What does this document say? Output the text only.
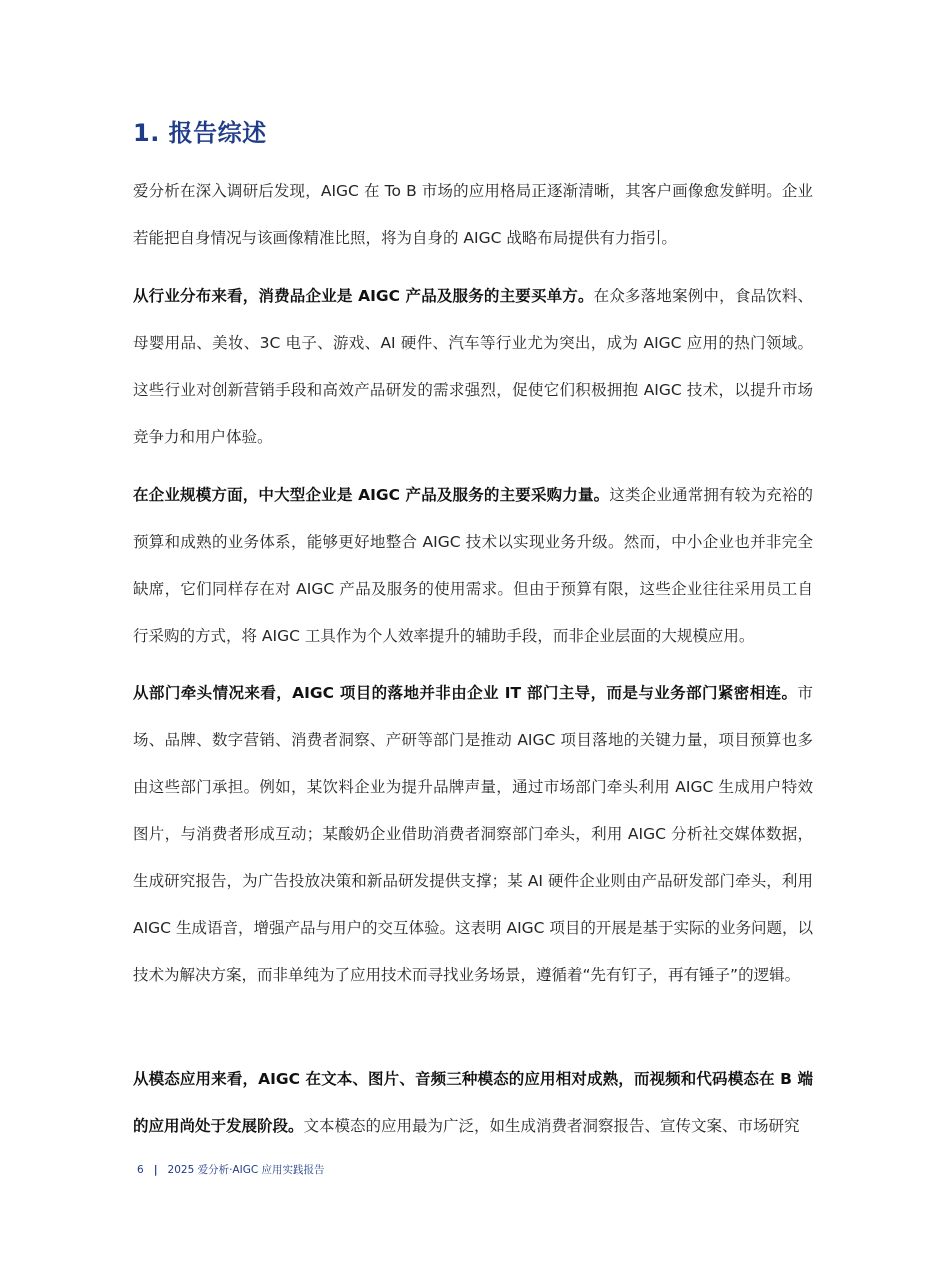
1. 报告综述

爱分析在深入调研后发现，AIGC 在 To B 市场的应用格局正逐渐清晰，其客户画像愈发鲜明。企业若能把自身情况与该画像精准比照，将为自身的 AIGC 战略布局提供有力指引。

从行业分布来看，消费品企业是 AIGC 产品及服务的主要买单方。在众多落地案例中，食品饮料、母婴用品、美妆、3C 电子、游戏、AI 硬件、汽车等行业尤为突出，成为 AIGC 应用的热门领域。这些行业对创新营销手段和高效产品研发的需求强烈，促使它们积极拥抱 AIGC 技术，以提升市场竞争力和用户体验。

在企业规模方面，中大型企业是 AIGC 产品及服务的主要采购力量。这类企业通常拥有较为充裕的预算和成熟的业务体系，能够更好地整合 AIGC 技术以实现业务升级。然而，中小企业也并非完全缺席，它们同样存在对 AIGC 产品及服务的使用需求。但由于预算有限，这些企业往往采用员工自行采购的方式，将 AIGC 工具作为个人效率提升的辅助手段，而非企业层面的大规模应用。

从部门牵头情况来看，AIGC 项目的落地并非由企业 IT 部门主导，而是与业务部门紧密相连。市场、品牌、数字营销、消费者洞察、产研等部门是推动 AIGC 项目落地的关键力量，项目预算也多由这些部门承担。例如，某饮料企业为提升品牌声量，通过市场部门牵头利用 AIGC 生成用户特效图片，与消费者形成互动；某酸奶企业借助消费者洞察部门牵头，利用 AIGC 分析社交媒体数据，生成研究报告，为广告投放决策和新品研发提供支撑；某 AI 硬件企业则由产品研发部门牵头，利用 AIGC 生成语音，增强产品与用户的交互体验。这表明 AIGC 项目的开展是基于实际的业务问题，以技术为解决方案，而非单纯为了应用技术而寻找业务场景，遵循着“先有钉子，再有锤子”的逻辑。

从模态应用来看，AIGC 在文本、图片、音频三种模态的应用相对成熟，而视频和代码模态在 B 端的应用尚处于发展阶段。文本模态的应用最为广泛，如生成消费者洞察报告、宣传文案、市场研究

6 | 2025 爱分析·AIGC 应用实践报告
